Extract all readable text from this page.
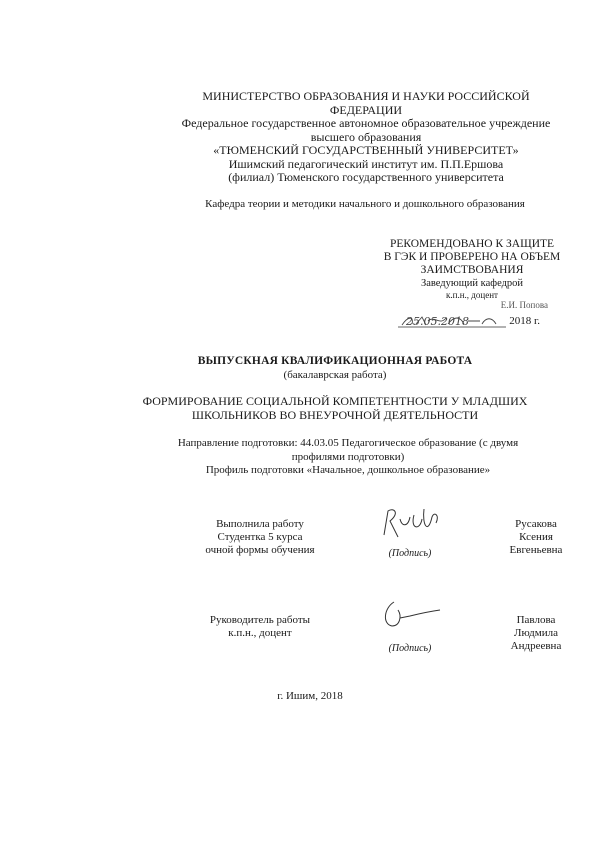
МИНИСТЕРСТВО ОБРАЗОВАНИЯ И НАУКИ РОССИЙСКОЙ
ФЕДЕРАЦИИ
Федеральное государственное автономное образовательное учреждение
высшего образования
«ТЮМЕНСКИЙ ГОСУДАРСТВЕННЫЙ УНИВЕРСИТЕТ»
Ишимский педагогический институт им. П.П.Ершова
(филиал) Тюменского государственного университета
Кафедра теории и методики начального и дошкольного образования
РЕКОМЕНДОВАНО К ЗАЩИТЕ
В ГЭК И ПРОВЕРЕНО НА ОБЪЕМ
ЗАИМСТВОВАНИЯ
Заведующий кафедрой
к.п.н., доцент
Е.И. Попова
25.05.2018	2018 г.
ВЫПУСКНАЯ КВАЛИФИКАЦИОННАЯ РАБОТА
(бакалаврская работа)
ФОРМИРОВАНИЕ СОЦИАЛЬНОЙ КОМПЕТЕНТНОСТИ У МЛАДШИХ
ШКОЛЬНИКОВ ВО ВНЕУРОЧНОЙ ДЕЯТЕЛЬНОСТИ
Направление подготовки: 44.03.05 Педагогическое образование (с двумя
профилями подготовки)
Профиль подготовки «Начальное, дошкольное образование»
Выполнила работу
Студентка 5 курса
очной формы обучения	(Подпись)
Русакова
Ксения
Евгеньевна
Руководитель работы
к.п.н., доцент
(Подпись)
Павлова
Людмила
Андреевна
г. Ишим, 2018
